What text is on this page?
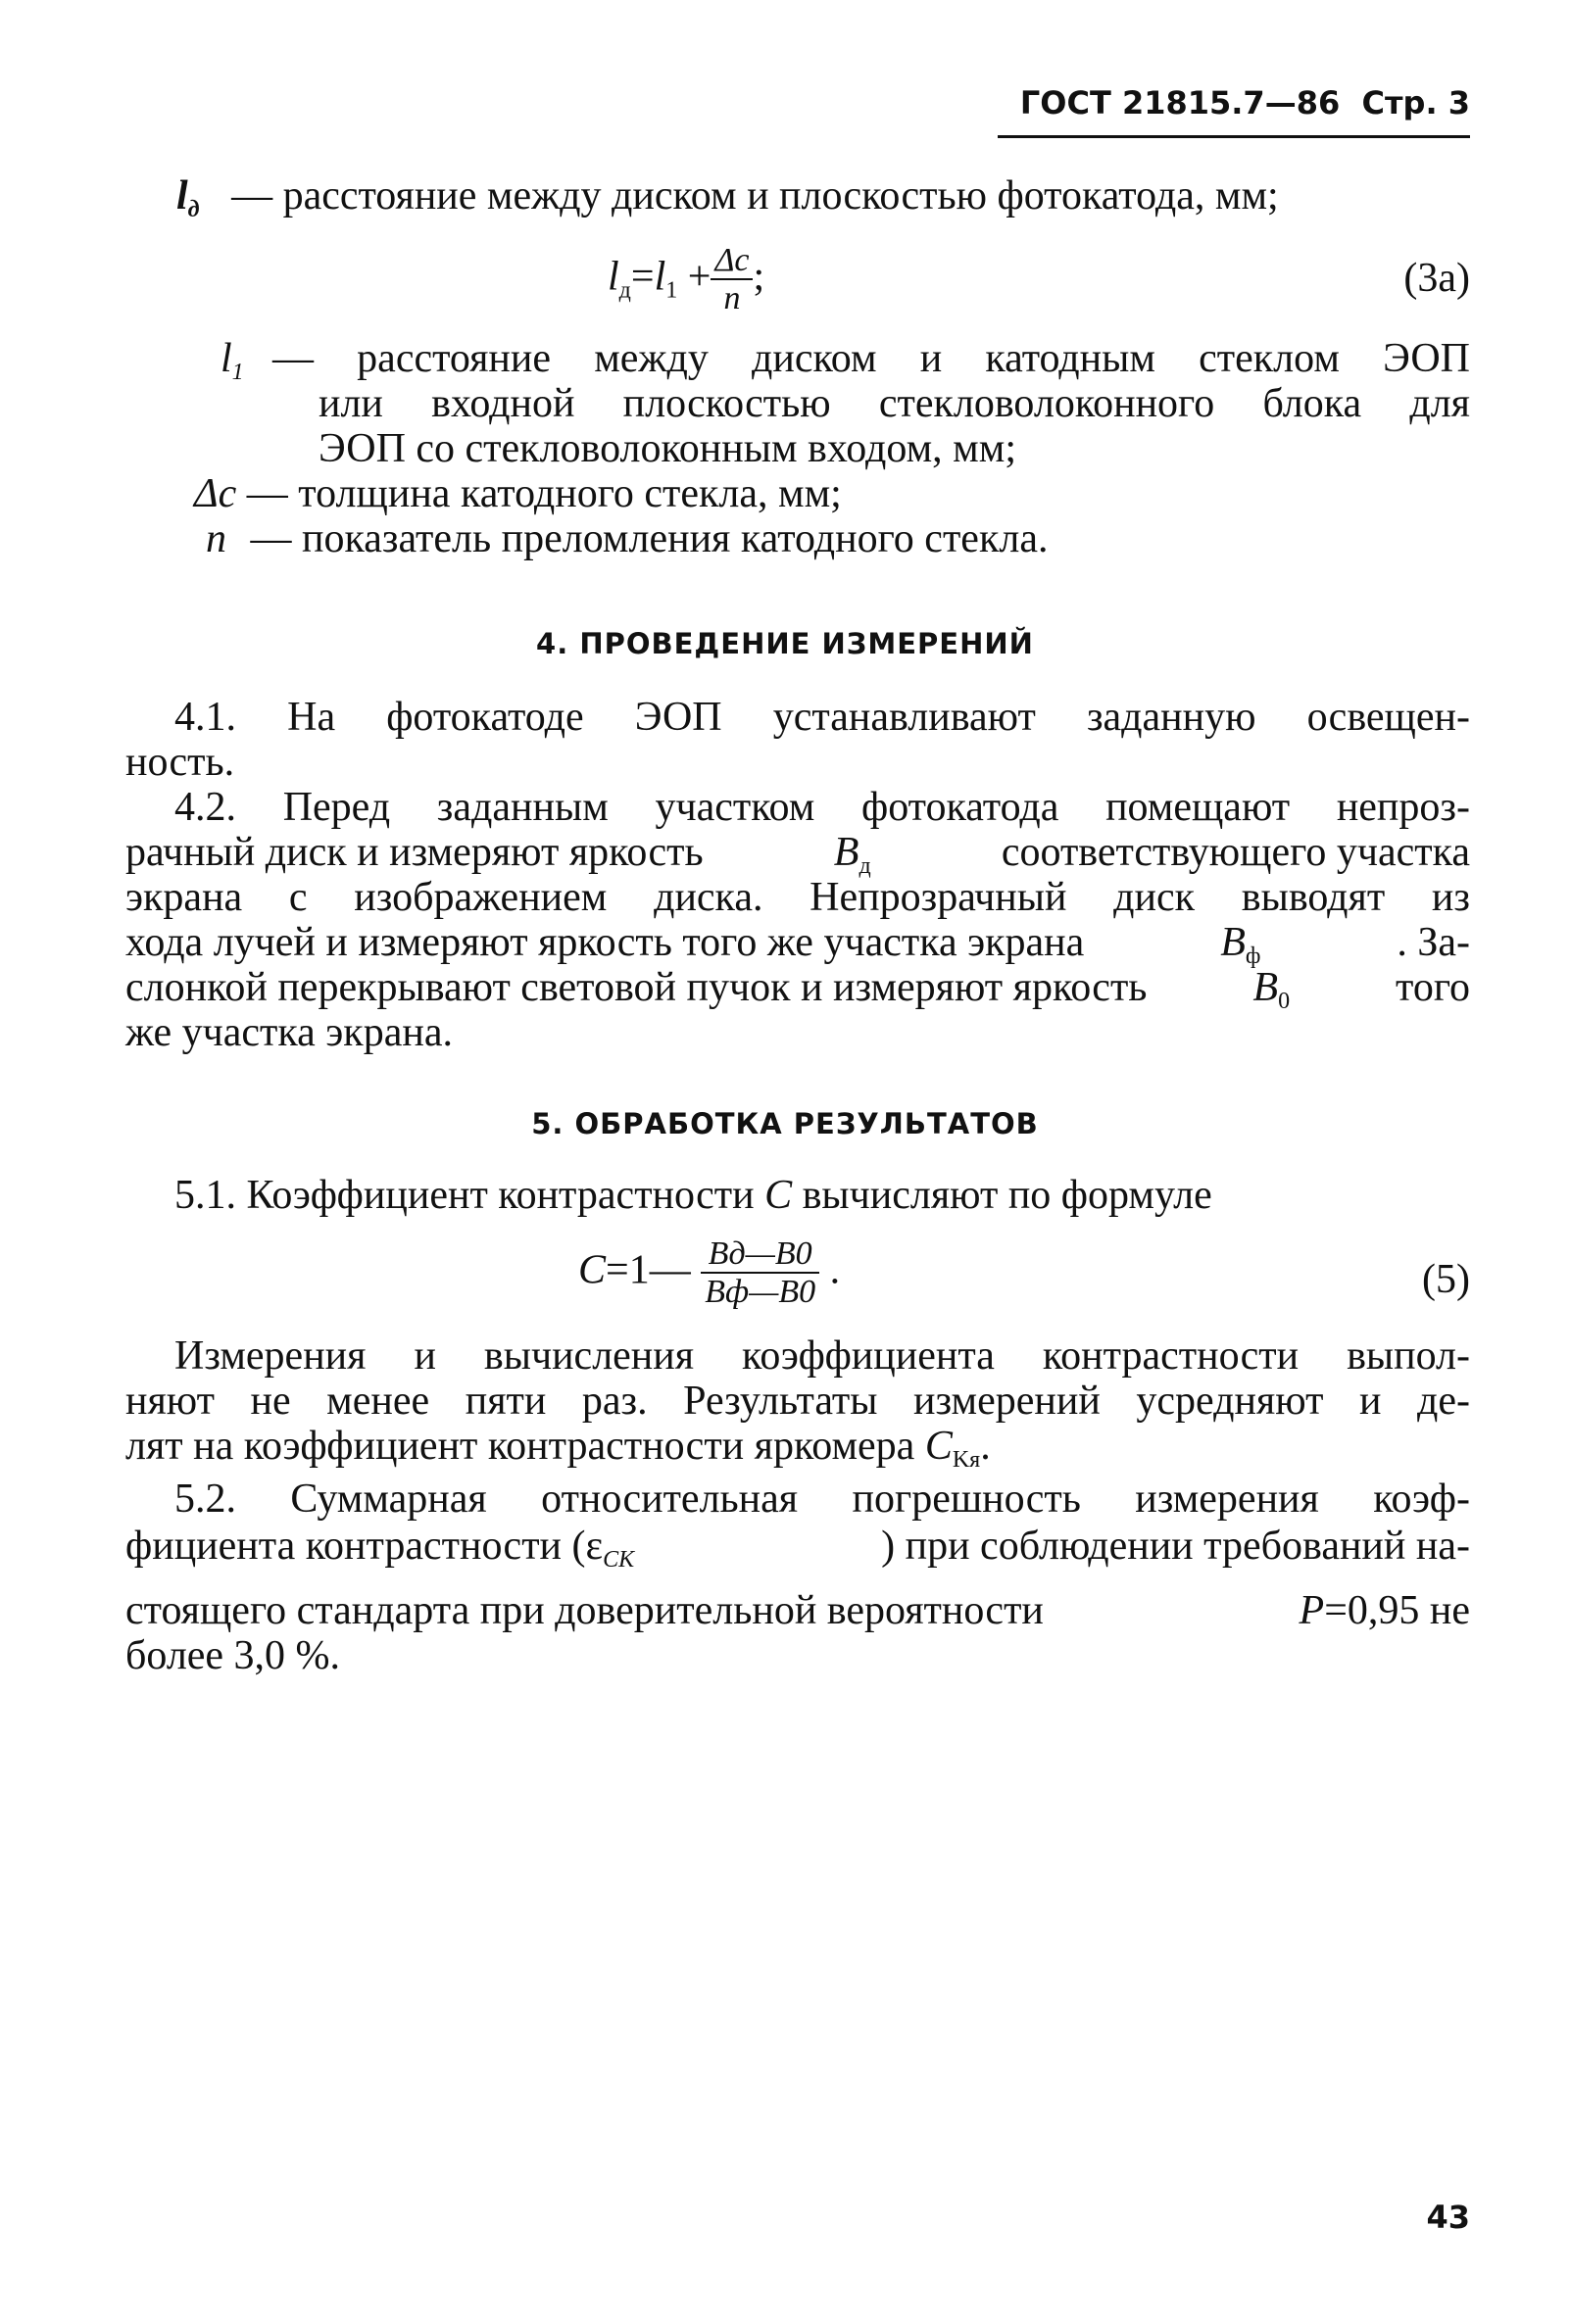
ГОСТ 21815.7—86 Стр. 3
$l_д$ — расстояние между диском и плоскостью фотокатода, мм;
$l_д=l_1 + \frac{\Delta c}{n}$ ;	(3а)
$l_1$ — расстояние между диском и катодным стеклом ЭОП
или входной плоскостью стекловолоконного блока для
ЭОП со стекловолоконным входом, мм;
Δc — толщина катодного стекла, мм;
n — показатель преломления катодного стекла.
4. ПРОВЕДЕНИЕ ИЗМЕРЕНИЙ
4.1. На фотокатоде ЭОП устанавливают заданную освещен-
ность.
4.2. Перед заданным участком фотокатода помещают непроз-
рачный диск и измеряют яркость	$B_д$	соответствующего участка
экрана с изображением диска. Непрозрачный диск выводят из
хода лучей и измеряют яркость того же участка экрана	$B_ф$	. За-
слонкой перекрывают световой пучок и измеряют яркость	$B_0$	того
же участка экрана.
5. ОБРАБОТКА РЕЗУЛЬТАТОВ
5.1. Коэффициент контрастности C вычисляют по формуле
C=1— $\frac{Bд—B0}{Bф—B0}$ .	(5)
Измерения и вычисления коэффициента контрастности выпол-
няют не менее пяти раз. Результаты измерений усредняют и де-
лят на коэффициент контрастности яркомера $C_{Kя}$.
5.2. Суммарная относительная погрешность измерения коэф-
фициента контрастности ($\varepsilon_{CК}$	) при соблюдении требований на-
стоящего стандарта при доверительной вероятности	P=0,95 не
более 3,0 %.
43
